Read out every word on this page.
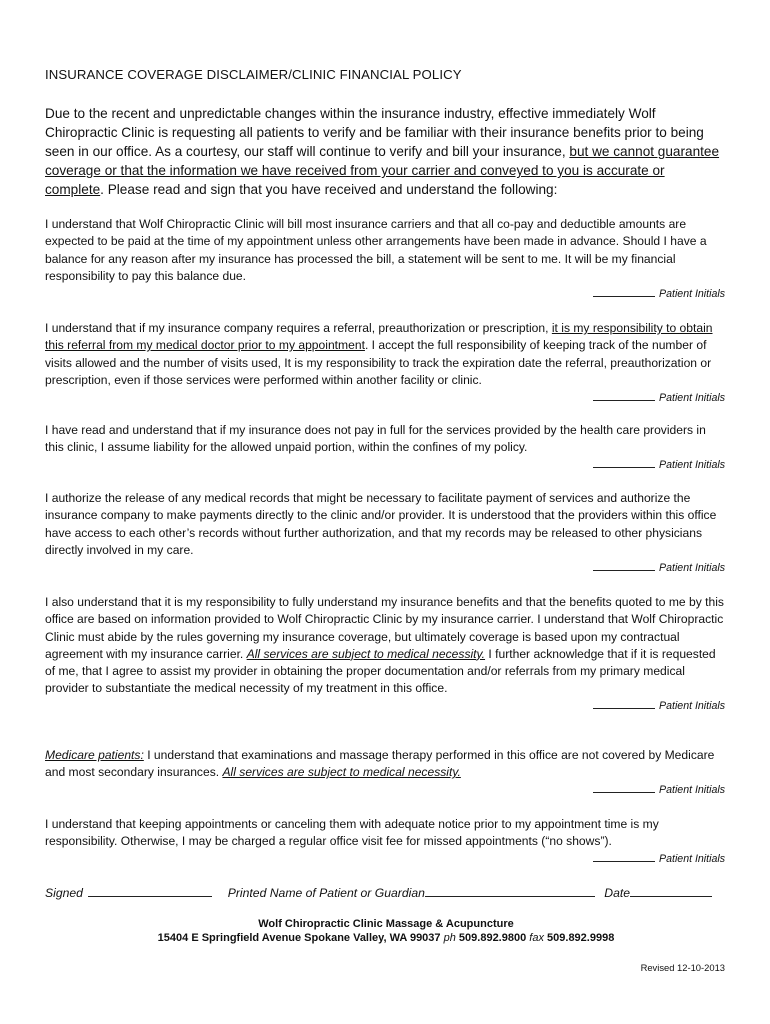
INSURANCE COVERAGE DISCLAIMER/CLINIC FINANCIAL POLICY
Due to the recent and unpredictable changes within the insurance industry, effective immediately Wolf Chiropractic Clinic is requesting all patients to verify and be familiar with their insurance benefits prior to being seen in our office. As a courtesy, our staff will continue to verify and bill your insurance, but we cannot guarantee coverage or that the information we have received from your carrier and conveyed to you is accurate or complete. Please read and sign that you have received and understand the following:
I understand that Wolf Chiropractic Clinic will bill most insurance carriers and that all co-pay and deductible amounts are expected to be paid at the time of my appointment unless other arrangements have been made in advance. Should I have a balance for any reason after my insurance has processed the bill, a statement will be sent to me. It will be my financial responsibility to pay this balance due.
Patient Initials
I understand that if my insurance company requires a referral, preauthorization or prescription, it is my responsibility to obtain this referral from my medical doctor prior to my appointment. I accept the full responsibility of keeping track of the number of visits allowed and the number of visits used, It is my responsibility to track the expiration date the referral, preauthorization or prescription, even if those services were performed within another facility or clinic.
Patient Initials
I have read and understand that if my insurance does not pay in full for the services provided by the health care providers in this clinic, I assume liability for the allowed unpaid portion, within the confines of my policy.
Patient Initials
I authorize the release of any medical records that might be necessary to facilitate payment of services and authorize the insurance company to make payments directly to the clinic and/or provider. It is understood that the providers within this office have access to each other’s records without further authorization, and that my records may be released to other physicians directly involved in my care.
Patient Initials
I also understand that it is my responsibility to fully understand my insurance benefits and that the benefits quoted to me by this office are based on information provided to Wolf Chiropractic Clinic by my insurance carrier. I understand that Wolf Chiropractic Clinic must abide by the rules governing my insurance coverage, but ultimately coverage is based upon my contractual agreement with my insurance carrier. All services are subject to medical necessity. I further acknowledge that if it is requested of me, that I agree to assist my provider in obtaining the proper documentation and/or referrals from my primary medical provider to substantiate the medical necessity of my treatment in this office.
Patient Initials
Medicare patients: I understand that examinations and massage therapy performed in this office are not covered by Medicare and most secondary insurances. All services are subject to medical necessity.
Patient Initials
I understand that keeping appointments or canceling them with adequate notice prior to my appointment time is my responsibility. Otherwise, I may be charged a regular office visit fee for missed appointments (“no shows”).
Patient Initials
Signed	Printed Name of Patient or Guardian	Date
Wolf Chiropractic Clinic Massage & Acupuncture
15404 E Springfield Avenue Spokane Valley, WA 99037 ph 509.892.9800 fax 509.892.9998
Revised 12-10-2013
